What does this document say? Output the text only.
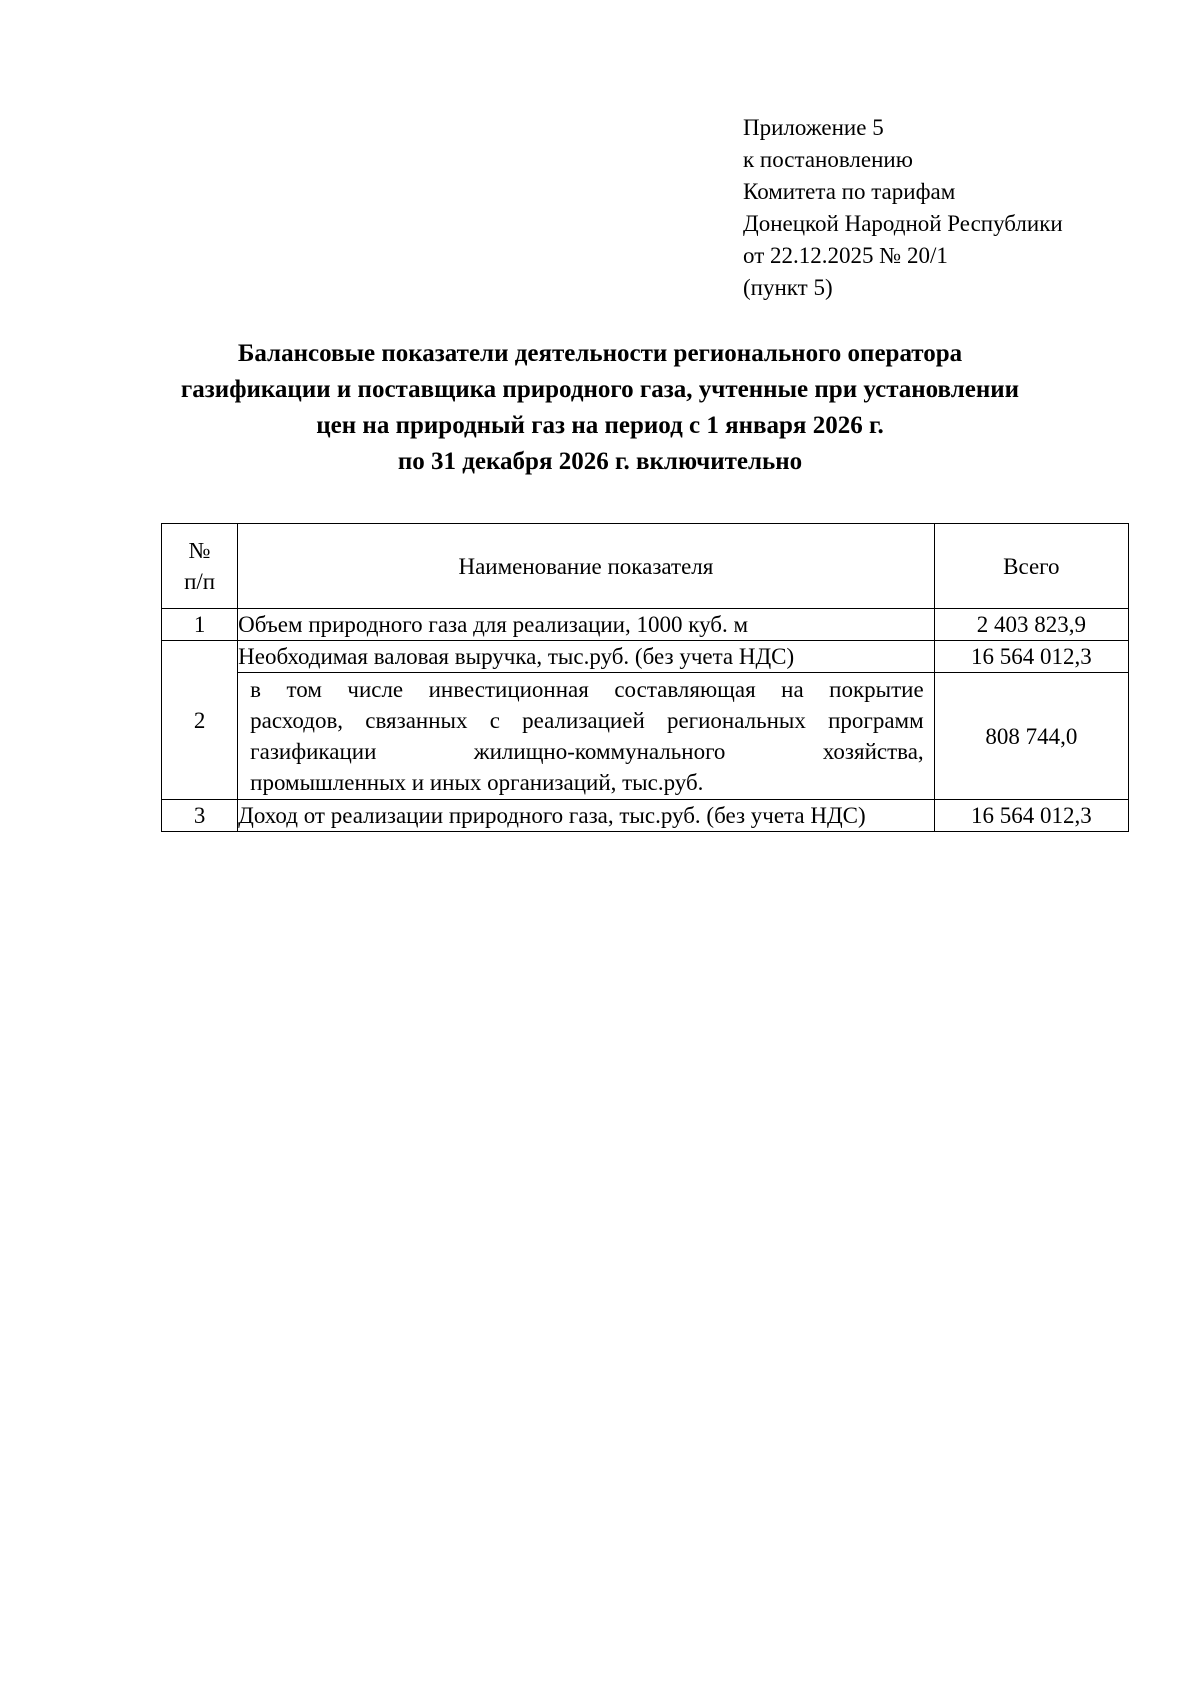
Приложение 5
к постановлению
Комитета по тарифам
Донецкой Народной Республики
от 22.12.2025 № 20/1
(пункт 5)
Балансовые показатели деятельности регионального оператора
газификации и поставщика природного газа, учтенные при установлении
цен на природный газ на период с 1 января 2026 г.
по 31 декабря 2026 г. включительно
№
п/п	Наименование показателя	Всего
1	Объем природного газа для реализации, 1000 куб. м	2 403 823,9
2	Необходимая валовая выручка, тыс.руб. (без учета НДС)	16 564 012,3

	в том числе инвестиционная составляющая на покрытие
расходов, связанных с реализацией региональных программ
газификации жилищно-коммунального хозяйства,
промышленных и иных организаций, тыс.руб.	808 744,0
3	Доход от реализации природного газа, тыс.руб. (без учета НДС)	16 564 012,3
